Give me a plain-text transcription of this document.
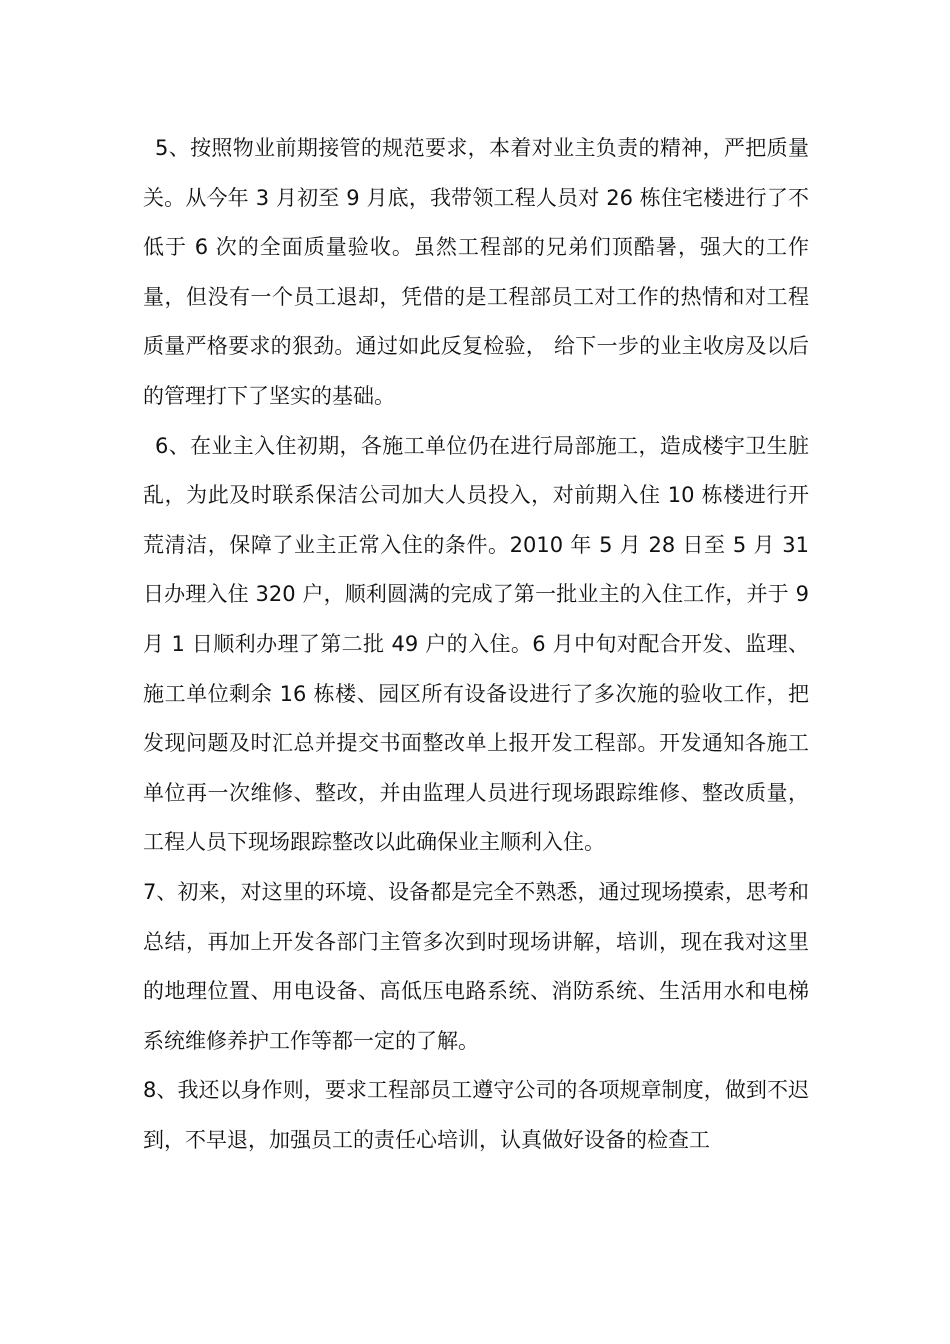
5、按照物业前期接管的规范要求，本着对业主负责的精神，严把质量关。从今年 3 月初至 9 月底，我带领工程人员对 26 栋住宅楼进行了不低于 6 次的全面质量验收。虽然工程部的兄弟们顶酷暑，强大的工作量，但没有一个员工退却，凭借的是工程部员工对工作的热情和对工程质量严格要求的狠劲。通过如此反复检验， 给下一步的业主收房及以后的管理打下了坚实的基础。

6、在业主入住初期，各施工单位仍在进行局部施工，造成楼宇卫生脏乱，为此及时联系保洁公司加大人员投入，对前期入住 10 栋楼进行开荒清洁，保障了业主正常入住的条件。2010 年 5 月 28 日至 5 月 31 日办理入住 320 户，顺利圆满的完成了第一批业主的入住工作，并于 9 月 1 日顺利办理了第二批 49 户的入住。6 月中旬对配合开发、监理、施工单位剩余 16 栋楼、园区所有设备设进行了多次施的验收工作，把发现问题及时汇总并提交书面整改单上报开发工程部。开发通知各施工单位再一次维修、整改，并由监理人员进行现场跟踪维修、整改质量，工程人员下现场跟踪整改以此确保业主顺利入住。

7、初来，对这里的环境、设备都是完全不熟悉，通过现场摸索，思考和总结，再加上开发各部门主管多次到时现场讲解，培训，现在我对这里的地理位置、用电设备、高低压电路系统、消防系统、生活用水和电梯系统维修养护工作等都一定的了解。

8、我还以身作则，要求工程部员工遵守公司的各项规章制度，做到不迟到，不早退，加强员工的责任心培训，认真做好设备的检查工
